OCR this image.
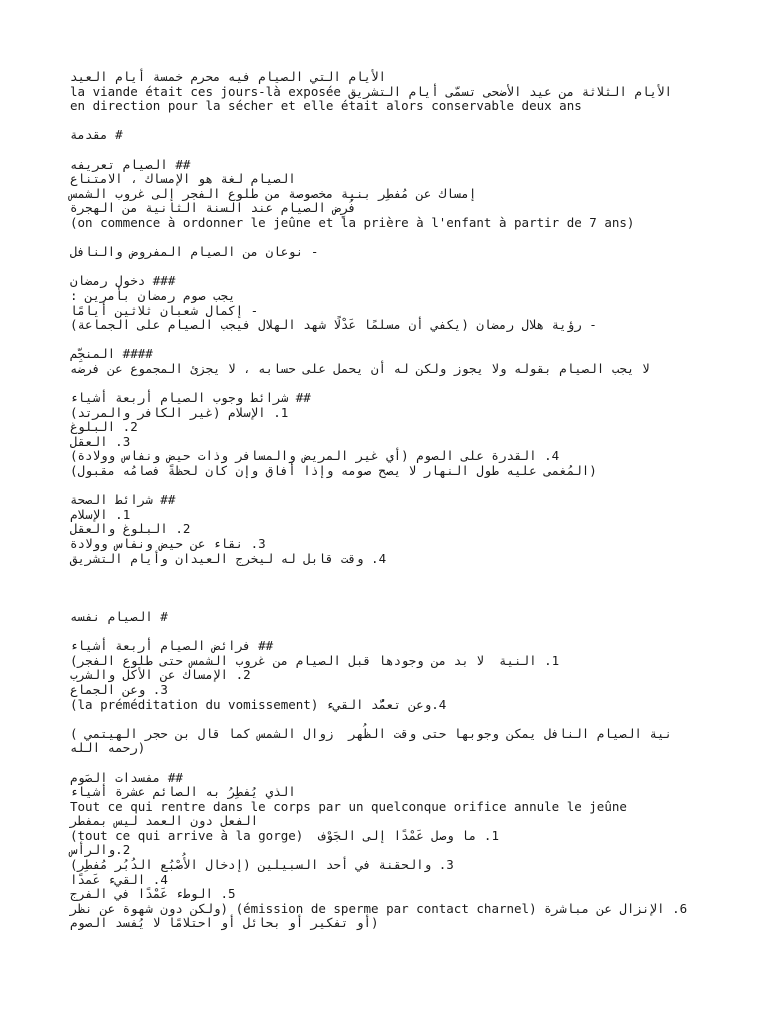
الأيام التي الصيام فيه محرم خمسة أيام العيد
الأيام الثلاثة من عيد الأضحى تسمّى أيام التشريق la viande était ces jours-là exposée
en direction pour la sécher et elle était alors conservable deux ans
# مقدمة
## الصيام تعريفه
الصيام لغة هو الإمساك ، الامتناع
إمساك عن مُفطِر بنية مخصوصة من طلوع الفجر إلى غروب الشمس
فُرِض الصيام عند السنة الثانية من الهجرة
(on commence à ordonner le jeûne et la prière à l'enfant à partir de 7 ans)
- نوعان من الصيام المفروض والنافل
### دخول رمضان
يجب صوم رمضان بأمرين :
- إكمال شعبان ثلاثين أيامًا
- رؤية هلال رمضان (يكفي أن مسلمًا عَدْلًا شهد الهلال فيجب الصيام على الجماعة)
#### المنجِّم
لا يجب الصيام بقوله ولا يجوز ولكن له أن يحمل على حسابه ، لا يجزئ المجموع عن فرضه
## شرائط وجوب الصيام أربعة أشياء
1. الإسلام (غير الكافر والمرتد)
2. البلوغ
3. العقل
4. القدرة على الصوم (أي غير المريض والمسافر وذات حيض ونفاس وولادة)
(المُغمى عليه طول النهار لا يصح صومه وإذا أفاق وإن كان لحظةً فصامُه مقبول)
## شرائط الصحة
1. الإسلام
2. البلوغ والعقل
3. نقاء عن حيض ونفاس وولادة
4. وقت قابل له ليخرج العيدان وأيام التشريق
# الصيام نفسه
## فرائض الصيام أربعة أشياء
1. النية  لا بد من وجودها قبل الصيام من غروب الشمس حتى طلوع الفجر)
2. الإمساك عن الأكل والشرب
3. وعن الجماع
4.وعن تعمُّد القيء (la préméditation du vomissement)
نية الصيام النافل يمكن وجوبها حتى وقت الظُهر  زوال الشمس كما قال بن حجر الهيتمي )
(رحمه الله
## مفسدات الصَوم
الذي يُفطِرُ به الصائم عشرة أشياء
Tout ce qui rentre dans le corps par un quelconque orifice annule le jeûne
الفعل دون العمد ليس بمفطر
1. ما وصل عَمْدًا إلى الجَوْف  (tout ce qui arrive à la gorge)
2.والرأس
3. والحقنة في أحد السبيلين (إدخال الأُصْبُع الدُبُر مُفطِر)
4. القيء عَمدًا
5. الوطء عَمْدًا في الفرج
6. الإنزال عن مباشرة (émission de sperme par contact charnel) (ولكن دون شهوة عن نظر
(أو تفكير أو بحائل أو احتلامًا لا يُفسد الصوم
